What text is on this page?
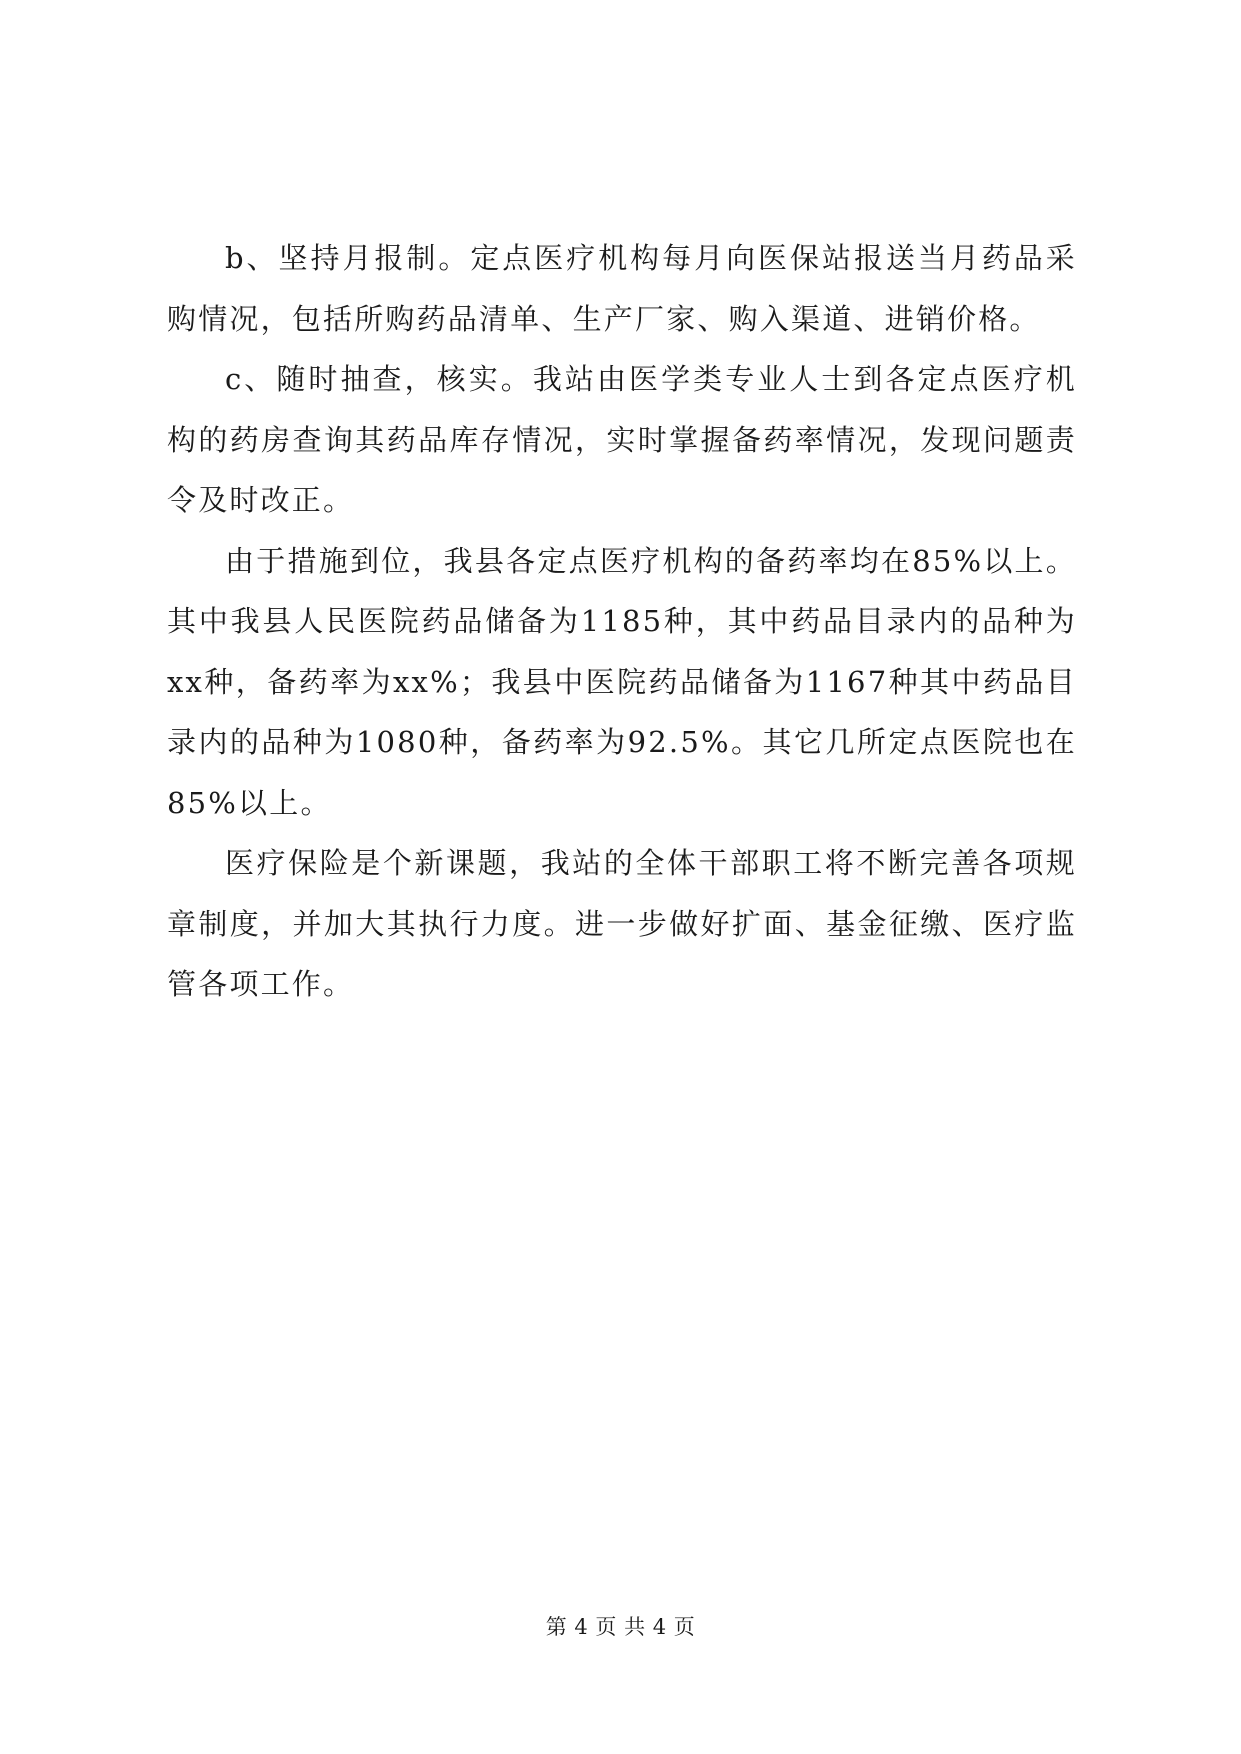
b、坚持月报制。定点医疗机构每月向医保站报送当月药品采购情况，包括所购药品清单、生产厂家、购入渠道、进销价格。

c、随时抽查，核实。我站由医学类专业人士到各定点医疗机构的药房查询其药品库存情况，实时掌握备药率情况，发现问题责令及时改正。

由于措施到位，我县各定点医疗机构的备药率均在85%以上。其中我县人民医院药品储备为1185种，其中药品目录内的品种为xx种，备药率为xx%；我县中医院药品储备为1167种其中药品目录内的品种为1080种，备药率为92.5%。其它几所定点医院也在85%以上。

医疗保险是个新课题，我站的全体干部职工将不断完善各项规章制度，并加大其执行力度。进一步做好扩面、基金征缴、医疗监管各项工作。

第 4 页 共 4 页
